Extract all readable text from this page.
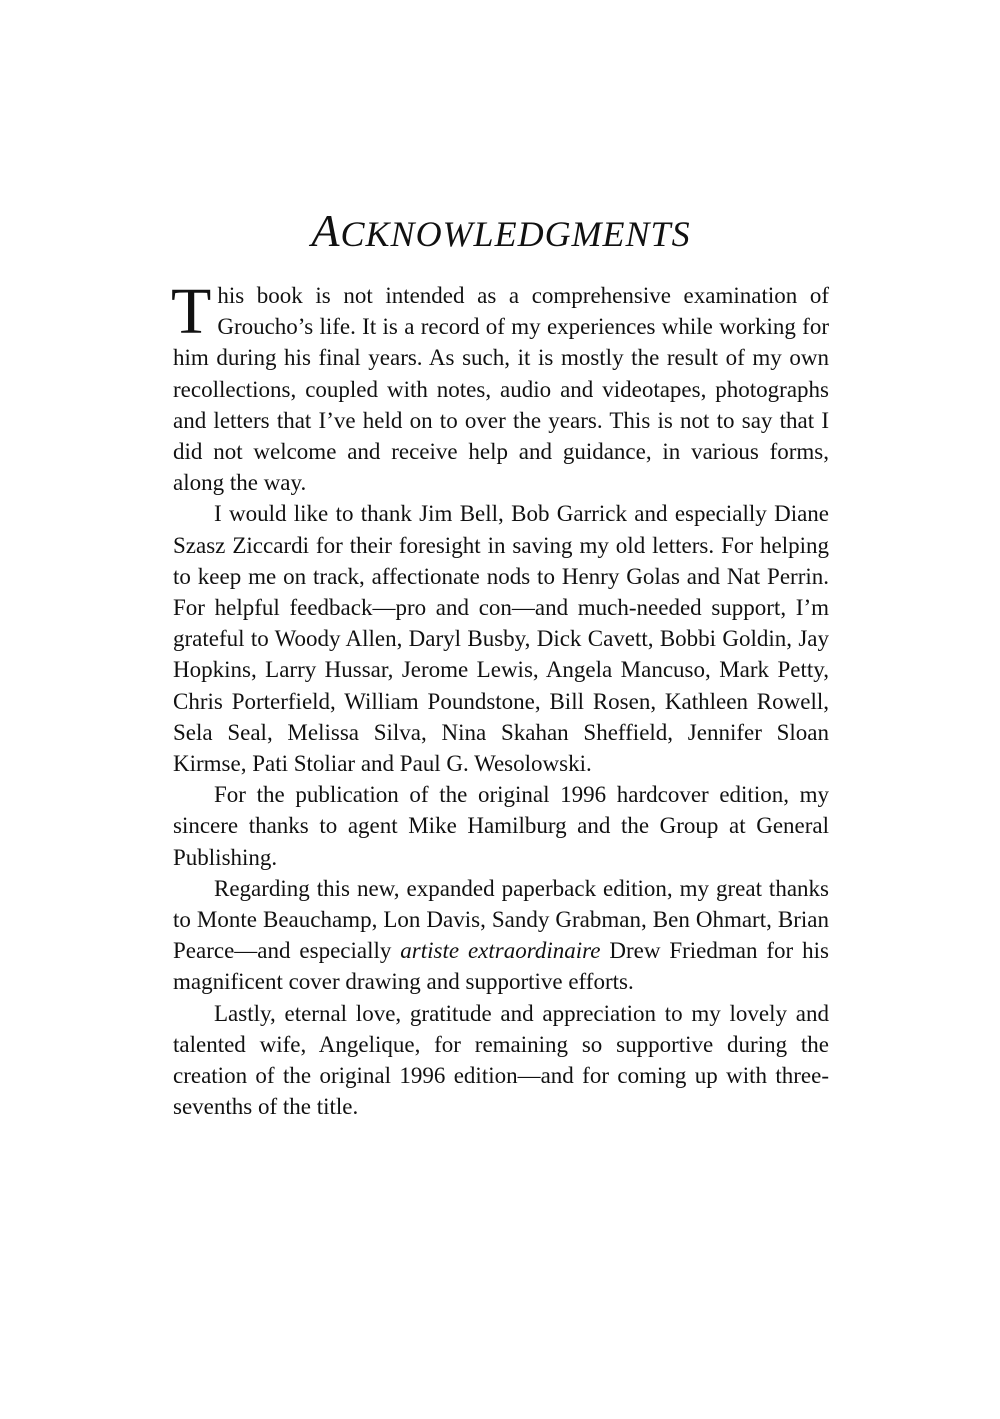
ACKNOWLEDGMENTS

This book is not intended as a comprehensive examination of Groucho’s life. It is a record of my experiences while working for him during his final years. As such, it is mostly the result of my own recollections, coupled with notes, audio and videotapes, photographs and letters that I’ve held on to over the years. This is not to say that I did not welcome and receive help and guidance, in various forms, along the way.

I would like to thank Jim Bell, Bob Garrick and especially Diane Szasz Ziccardi for their foresight in saving my old letters. For helping to keep me on track, affectionate nods to Henry Golas and Nat Perrin. For helpful feedback—pro and con—and much-needed support, I’m grateful to Woody Allen, Daryl Busby, Dick Cavett, Bobbi Goldin, Jay Hopkins, Larry Hussar, Jerome Lewis, Angela Mancuso, Mark Petty, Chris Porterfield, William Poundstone, Bill Rosen, Kathleen Rowell, Sela Seal, Melissa Silva, Nina Skahan Sheffield, Jennifer Sloan Kirmse, Pati Stoliar and Paul G. Wesolowski.

For the publication of the original 1996 hardcover edition, my sincere thanks to agent Mike Hamilburg and the Group at General Publishing.

Regarding this new, expanded paperback edition, my great thanks to Monte Beauchamp, Lon Davis, Sandy Grabman, Ben Ohmart, Brian Pearce—and especially artiste extraordinaire Drew Friedman for his magnificent cover drawing and supportive efforts.

Lastly, eternal love, gratitude and appreciation to my lovely and talented wife, Angelique, for remaining so supportive during the creation of the original 1996 edition—and for coming up with three-sevenths of the title.
